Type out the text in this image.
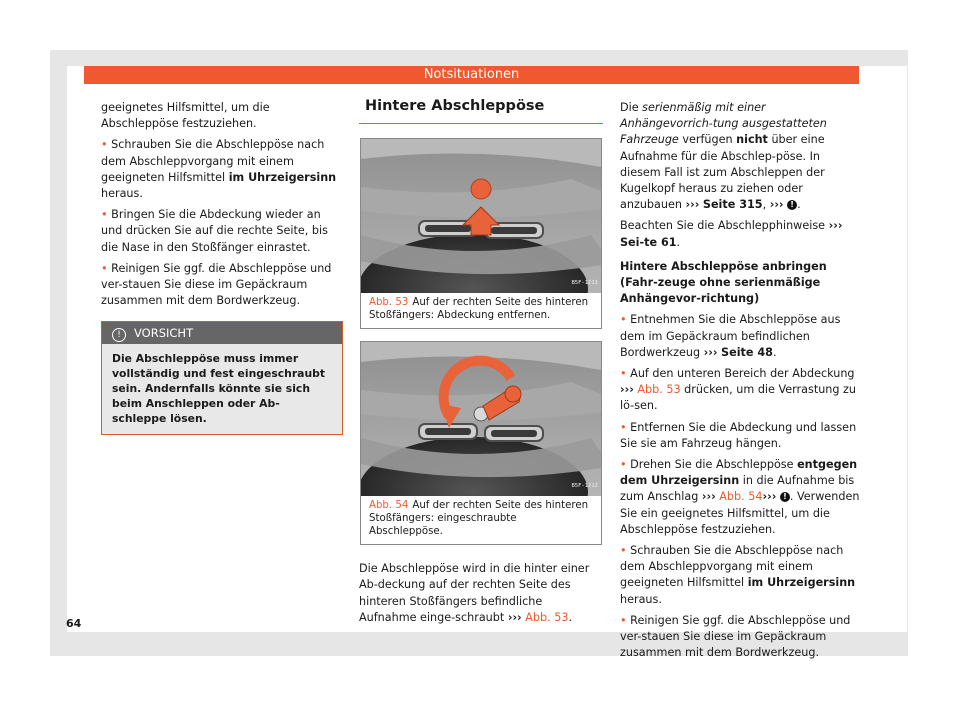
Notsituationen

geeignetes Hilfsmittel, um die Abschleppöse festzuziehen.

• Schrauben Sie die Abschleppöse nach dem Abschleppvorgang mit einem geeigneten Hilfsmittel im Uhrzeigersinn heraus.

• Bringen Sie die Abdeckung wieder an und drücken Sie auf die rechte Seite, bis die Nase in den Stoßfänger einrastet.

• Reinigen Sie ggf. die Abschleppöse und ver-stauen Sie diese im Gepäckraum zusammen mit dem Bordwerkzeug.

! VORSICHT
Die Abschleppöse muss immer vollständig und fest eingeschraubt sein. Andernfalls könnte sie sich beim Anschleppen oder Ab-schleppe lösen.
Hintere Abschleppöse
B5F-1211
Abb. 53 Auf der rechten Seite des hinteren Stoßfängers: Abdeckung entfernen.
B5F-1212
Abb. 54 Auf der rechten Seite des hinteren Stoßfängers: eingeschraubte Abschleppöse.

Die Abschleppöse wird in die hinter einer Ab-deckung auf der rechten Seite des hinteren Stoßfängers befindliche Aufnahme einge-schraubt ››› Abb. 53.

Die serienmäßig mit einer Anhängevorrich-tung ausgestatteten Fahrzeuge verfügen nicht über eine Aufnahme für die Abschlep-pöse. In diesem Fall ist zum Abschleppen der Kugelkopf heraus zu ziehen oder anzubauen ››› Seite 315, ››› ! .

Beachten Sie die Abschlepphinweise ››› Sei-te 61.

Hintere Abschleppöse anbringen (Fahr-zeuge ohne serienmäßige Anhängevor-richtung)

• Entnehmen Sie die Abschleppöse aus dem im Gepäckraum befindlichen Bordwerkzeug ››› Seite 48.

• Auf den unteren Bereich der Abdeckung ››› Abb. 53 drücken, um die Verrastung zu lö-sen.

• Entfernen Sie die Abdeckung und lassen Sie sie am Fahrzeug hängen.

• Drehen Sie die Abschleppöse entgegen dem Uhrzeigersinn in die Aufnahme bis zum Anschlag ››› Abb. 54››› ! . Verwenden Sie ein geeignetes Hilfsmittel, um die Abschleppöse festzuziehen.

• Schrauben Sie die Abschleppöse nach dem Abschleppvorgang mit einem geeigneten Hilfsmittel im Uhrzeigersinn heraus.

• Reinigen Sie ggf. die Abschleppöse und ver-stauen Sie diese im Gepäckraum zusammen mit dem Bordwerkzeug.

64
